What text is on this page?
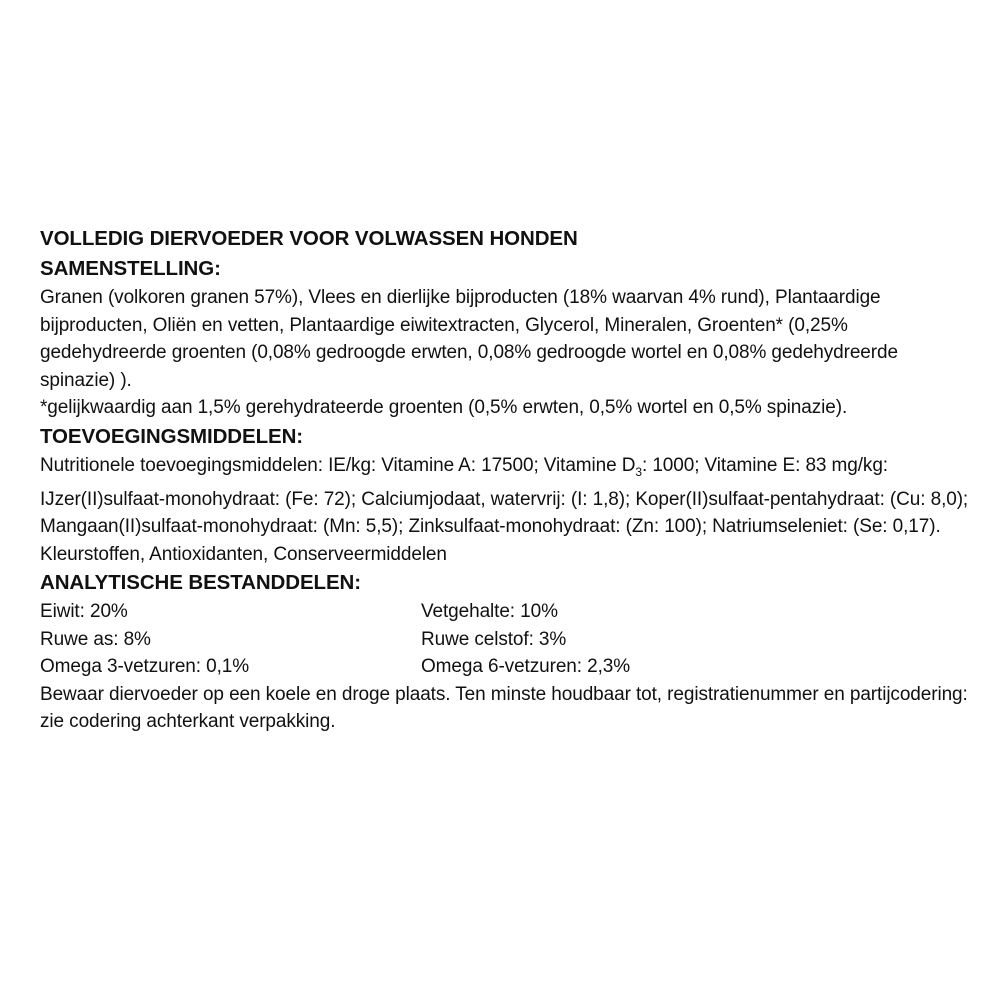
VOLLEDIG DIERVOEDER VOOR VOLWASSEN HONDEN
SAMENSTELLING:
Granen (volkoren granen 57%), Vlees en dierlijke bijproducten (18% waarvan 4% rund), Plantaardige bijproducten, Oliën en vetten, Plantaardige eiwitextracten, Glycerol, Mineralen, Groenten* (0,25% gedehydreerde groenten (0,08% gedroogde erwten, 0,08% gedroogde wortel en 0,08% gedehydreerde spinazie) ).
*gelijkwaardig aan 1,5% gerehydrateerde groenten (0,5% erwten, 0,5% wortel en 0,5% spinazie).
TOEVOEGINGSMIDDELEN:
Nutritionele toevoegingsmiddelen: IE/kg: Vitamine A: 17500; Vitamine $D_3$: 1000; Vitamine E: 83 mg/kg: IJzer(II)sulfaat-monohydraat: (Fe: 72); Calciumjodaat, watervrij: (I: 1,8); Koper(II)sulfaat-pentahydraat: (Cu: 8,0); Mangaan(II)sulfaat-monohydraat: (Mn: 5,5); Zinksulfaat-monohydraat: (Zn: 100); Natriumseleniet: (Se: 0,17).
Kleurstoffen, Antioxidanten, Conserveermiddelen
ANALYTISCHE BESTANDDELEN:
Eiwit: 20%	Vetgehalte: 10%
Ruwe as: 8%	Ruwe celstof: 3%
Omega 3-vetzuren: 0,1%	Omega 6-vetzuren: 2,3%
Bewaar diervoeder op een koele en droge plaats. Ten minste houdbaar tot, registratienummer en partijcodering: zie codering achterkant verpakking.
